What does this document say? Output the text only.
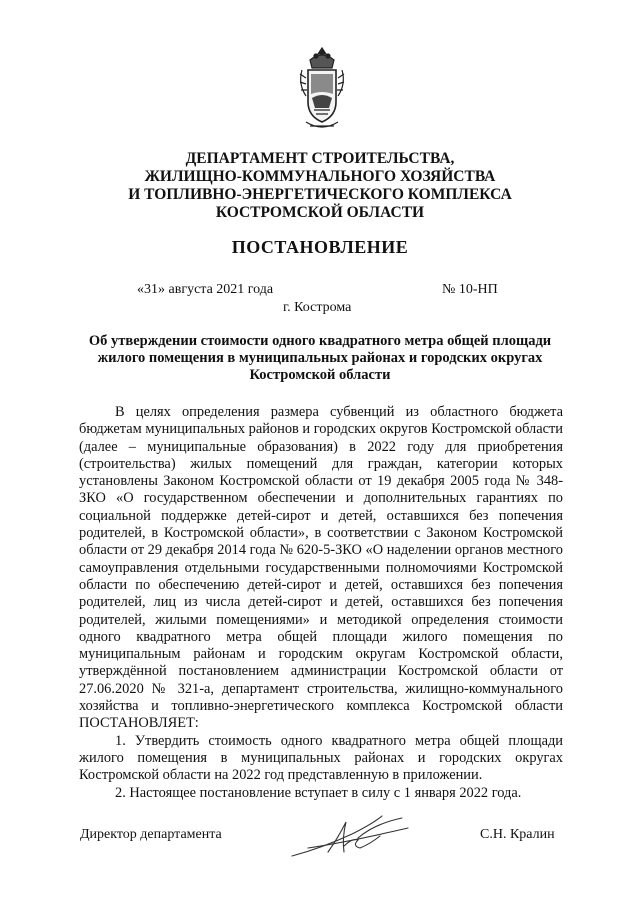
ДЕПАРТАМЕНТ СТРОИТЕЛЬСТВА,
ЖИЛИЩНО-КОММУНАЛЬНОГО ХОЗЯЙСТВА
И ТОПЛИВНО-ЭНЕРГЕТИЧЕСКОГО КОМПЛЕКСА
КОСТРОМСКОЙ ОБЛАСТИ
ПОСТАНОВЛЕНИЕ
«31» августа 2021 года	№ 10-НП
г. Кострома
Об утверждении стоимости одного квадратного метра общей площади
жилого помещения в муниципальных районах и городских округах
Костромской области

В целях определения размера субвенций из областного бюджета бюджетам муниципальных районов и городских округов Костромской области (далее – муниципальные образования) в 2022 году для приобретения (строительства) жилых помещений для граждан, категории которых установлены Законом Костромской области от 19 декабря 2005 года № 348-ЗКО «О государственном обеспечении и дополнительных гарантиях по социальной поддержке детей-сирот и детей, оставшихся без попечения родителей, в Костромской области», в соответствии с Законом Костромской области от 29 декабря 2014 года № 620-5-ЗКО «О наделении органов местного самоуправления отдельными государственными полномочиями Костромской области по обеспечению детей-сирот и детей, оставшихся без попечения родителей, лиц из числа детей-сирот и детей, оставшихся без попечения родителей, жилыми помещениями» и методикой определения стоимости одного квадратного метра общей площади жилого помещения по муниципальным районам и городским округам Костромской области, утверждённой постановлением администрации Костромской области от 27.06.2020 № 321-а, департамент строительства, жилищно-коммунального хозяйства и топливно-энергетического комплекса Костромской области ПОСТАНОВЛЯЕТ:

1. Утвердить стоимость одного квадратного метра общей площади жилого помещения в муниципальных районах и городских округах Костромской области на 2022 год представленную в приложении.

2. Настоящее постановление вступает в силу с 1 января 2022 года.

Директор департамента	С.Н. Кралин
